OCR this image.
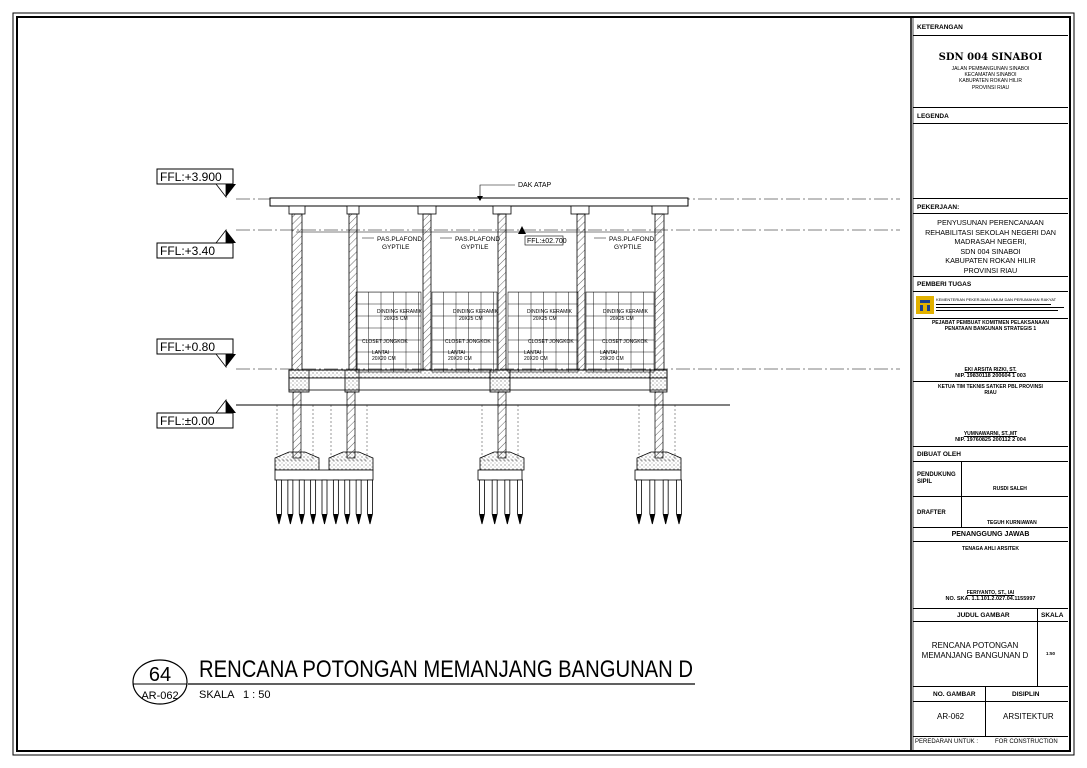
FFL:+3.900
FFL:+3.40
FFL:+0.80
FFL:±0.00
DAK ATAP
PAS.PLAFOND
GYPTILE
PAS.PLAFOND
GYPTILE
PAS.PLAFOND
GYPTILE
FFL:±02.700
DINDING KERAMIK
20X25 CM
CLOSET JONGKOK
LANTAI
20X20 CM
DINDING KERAMIK
20X25 CM
CLOSET JONGKOK
LANTAI
20X20 CM
DINDING KERAMIK
20X25 CM
CLOSET JONGKOK
LANTAI
20X20 CM
DINDING KERAMIK
20X25 CM
CLOSET JONGKOK
LANTAI
20X20 CM
64
AR-062
RENCANA POTONGAN MEMANJANG BANGUNAN D
SKALA 1 : 50
KETERANGAN
SDN 004 SINABOI
JALAN PEMBANGUNAN SINABOI
KECAMATAN SINABOI
KABUPATEN ROKAN HILIR
PROVINSI RIAU
LEGENDA
PEKERJAAN:
PENYUSUNAN PERENCANAAN
REHABILITASI SEKOLAH NEGERI DAN
MADRASAH NEGERI,
SDN 004 SINABOI
KABUPATEN ROKAN HILIR
PROVINSI RIAU
PEMBERI TUGAS
KEMENTERIAN PEKERJAAN UMUM DAN PERUMAHAN RAKYAT
PEJABAT PEMBUAT KOMITMEN PELAKSANAAN
PENATAAN BANGUNAN STRATEGIS 1
EKI ARSITA RIZKI, ST.
NIP. 19830118 200604 1 003
KETUA TIM TEKNIS SATKER PBL PROVINSI
RIAU
YUMNAWARNI, ST.,MT
NIP. 19760825 200112 2 004
DIBUAT OLEH
PENDUKUNG
SIPIL
RUSDI SALEH
DRAFTER
TEGUH KURNIAWAN
PENANGGUNG JAWAB
TENAGA AHLI ARSITEK
FERIYANTO, ST., IAI
NO. SKA. 1.1.101.2.027.04.1155997
JUDUL GAMBAR	SKALA
RENCANA POTONGAN
MEMANJANG BANGUNAN D	1:50
NO. GAMBAR	DISIPLIN
AR-062	ARSITEKTUR
PEREDARAN UNTUK :	FOR CONSTRUCTION
